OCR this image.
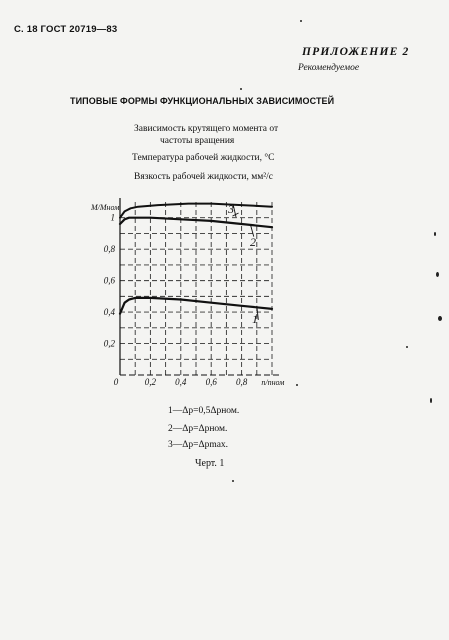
С. 18 ГОСТ 20719—83
ПРИЛОЖЕНИЕ 2
Рекомендуемое
ТИПОВЫЕ ФОРМЫ ФУНКЦИОНАЛЬНЫХ ЗАВИСИМОСТЕЙ
Зависимость крутящего момента от
частоты вращения
Температура рабочей жидкости, °С
Вязкость рабочей жидкости, мм²/с
1
2
3
0,2
0,4
0,6
0,8
1
0	0,2 0,4 0,6 0,8 n/nном
M/Mном
1—Δp=0,5Δpном.
2—Δp=Δpном.
3—Δp=Δpmax.
Черт. 1
